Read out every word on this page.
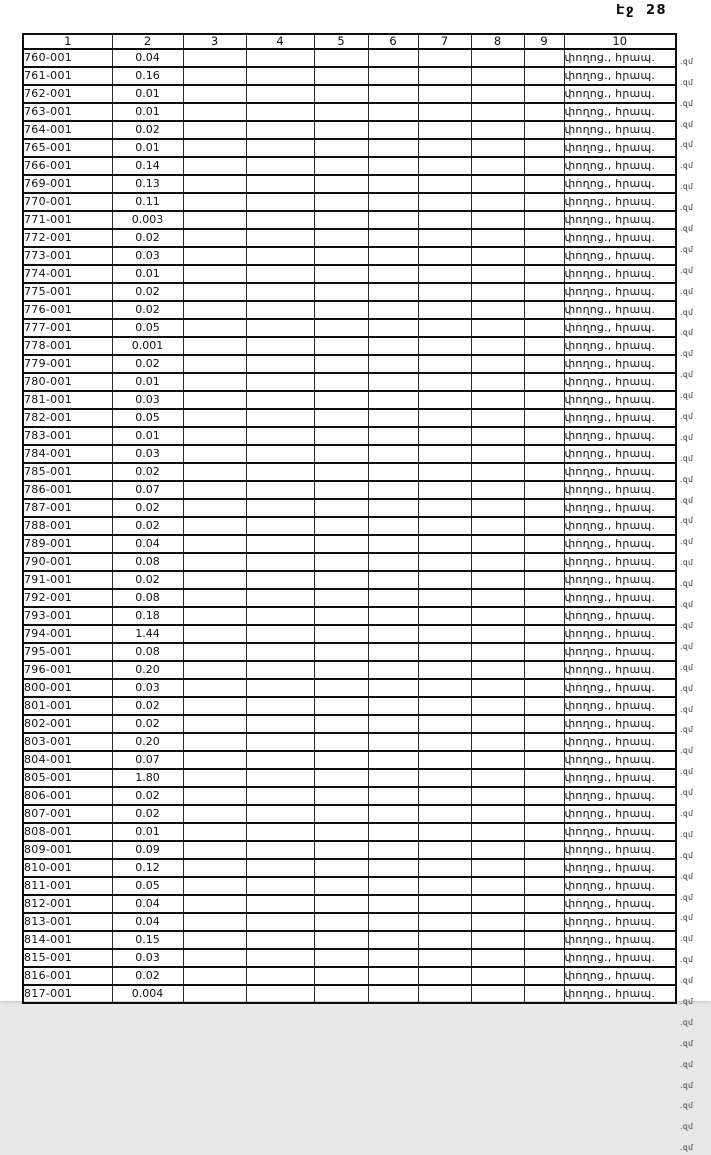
Էջ 28
1	2	3	4	5	6	7	8	9	10
760-001	0.04								փողոց., հրապ.
761-001	0.16								փողոց., հրապ.
762-001	0.01								փողոց., հրապ.
763-001	0.01								փողոց., հրապ.
764-001	0.02								փողոց., հրապ.
765-001	0.01								փողոց., հրապ.
766-001	0.14								փողոց., հրապ.
769-001	0.13								փողոց., հրապ.
770-001	0.11								փողոց., հրապ.
771-001	0.003								փողոց., հրապ.
772-001	0.02								փողոց., հրապ.
773-001	0.03								փողոց., հրապ.
774-001	0.01								փողոց., հրապ.
775-001	0.02								փողոց., հրապ.
776-001	0.02								փողոց., հրապ.
777-001	0.05								փողոց., հրապ.
778-001	0.001								փողոց., հրապ.
779-001	0.02								փողոց., հրապ.
780-001	0.01								փողոց., հրապ.
781-001	0.03								փողոց., հրապ.
782-001	0.05								փողոց., հրապ.
783-001	0.01								փողոց., հրապ.
784-001	0.03								փողոց., հրապ.
785-001	0.02								փողոց., հրապ.
786-001	0.07								փողոց., հրապ.
787-001	0.02								փողոց., հրապ.
788-001	0.02								փողոց., հրապ.
789-001	0.04								փողոց., հրապ.
790-001	0.08								փողոց., հրապ.
791-001	0.02								փողոց., հրապ.
792-001	0.08								փողոց., հրապ.
793-001	0.18								փողոց., հրապ.
794-001	1.44								փողոց., հրապ.
795-001	0.08								փողոց., հրապ.
796-001	0.20								փողոց., հրապ.
800-001	0.03								փողոց., հրապ.
801-001	0.02								փողոց., հրապ.
802-001	0.02								փողոց., հրապ.
803-001	0.20								փողոց., հրապ.
804-001	0.07								փողոց., հրապ.
805-001	1.80								փողոց., հրապ.
806-001	0.02								փողոց., հրապ.
807-001	0.02								փողոց., հրապ.
808-001	0.01								փողոց., հրապ.
809-001	0.09								փողոց., հրապ.
810-001	0.12								փողոց., հրապ.
811-001	0.05								փողոց., հրապ.
812-001	0.04								փողոց., հրապ.
813-001	0.04								փողոց., հրապ.
814-001	0.15								փողոց., հրապ.
815-001	0.03								փողոց., հրապ.
816-001	0.02								փողոց., հրապ.
817-001	0.004								փողոց., հրապ.
.զմ
.զմ
.զմ
.զմ
.զմ
.զմ
.զմ
.զմ
.զմ
.զմ
.զմ
.զմ
.զմ
.զմ
.զմ
.զմ
.զմ
.զմ
.զմ
.զմ
.զմ
.զմ
.զմ
.զմ
.զմ
.զմ
.զմ
.զմ
.զմ
.զմ
.զմ
.զմ
.զմ
.զմ
.զմ
.զմ
.զմ
.զմ
.զմ
.զմ
.զմ
.զմ
.զմ
.զմ
.զմ
.զմ
.զմ
.զմ
.զմ
.զմ
.զմ
.զմ
.զմ
